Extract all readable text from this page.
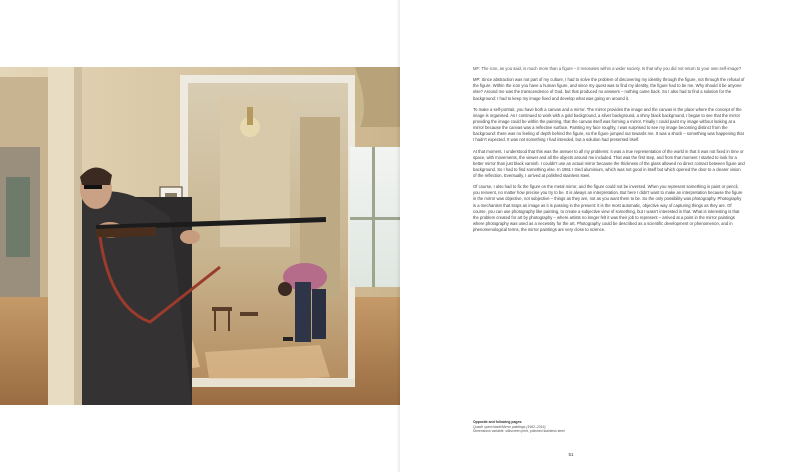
MF: The icon, as you said, is much more than a figure – it resonates within a wider society. Is that why you did not return to your own self-image?

MP: Since abstraction was not part of my culture, I had to solve the problem of discovering my identity through the figure, not through the refusal of the figure. Within the icon you have a human figure, and since my quest was to find my identity, the figure had to be me. Why should it be anyone else? Around me was the transcendence of God, but that produced no answers – nothing came back. So I also had to find a solution for the background: I had to keep my image fixed and develop what was going on around it.

To make a self-portrait, you have both a canvas and a mirror. The mirror provides the image and the canvas is the place where the concept of the image is organised. As I continued to work with a gold background, a silver background, a shiny black background, I began to see that the mirror providing the image could be within the painting, that the canvas itself was forming a mirror. Finally I could paint my image without looking at a mirror because the canvas was a reflective surface. Painting my face roughly, I was surprised to see my image becoming distinct from the background: there was no feeling of depth behind the figure, so the figure jumped out towards me. It was a shock – something was happening that I hadn't expected. It was not something I had intended, but a solution had presented itself.

At that moment, I understood that this was the answer to all my problems: it was a true representation of the world in that it was not fixed in time or space, with movements, the viewer and all the objects around me included. That was the first step, and from that moment I started to look for a better mirror than just black varnish. I couldn't use an actual mirror because the thickness of the glass allowed no direct contact between figure and background. So I had to find something else. In 1961 I tried aluminium, which was not good in itself but which opened the door to a clearer vision of the reflection. Eventually, I arrived at polished stainless steel.

Of course, I also had to fix the figure on the metal mirror, and the figure could not be invented. When you represent something in paint or pencil, you reinvent, no matter how precise you try to be. It is always an interpretation. But here I didn't want to make an interpretation because the figure in the mirror was objective, not subjective – things as they are, not as you want them to be. So the only possibility was photography. Photography is a mechanism that stops an image as it is passing in the present: it is the most automatic, objective way of capturing things as they are. Of course, you can use photography like painting, to create a subjective view of something, but I wasn't interested in that. What is interesting is that the problem created for art by photography – where artists no longer felt it was their job to represent – arrived at a point in the mirror paintings where photography was used as a necessity for the art. Photography could be described as a scientific development or phenomenon, and in phenomenological terms, the mirror paintings are very close to science.

Opposite and following pages:
Quadri specchianti/Mirror paintings (1962–2016)
Dimensions variable, silkscreen print, polished stainless steel
51
